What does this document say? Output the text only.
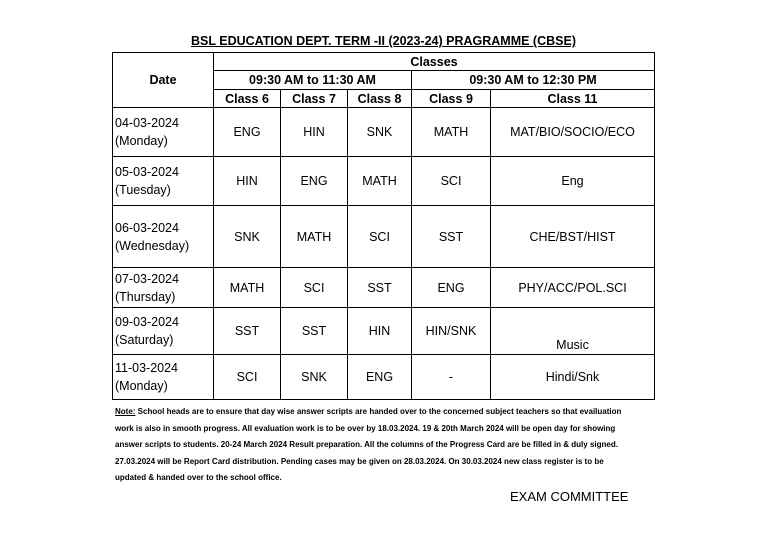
BSL EDUCATION DEPT. TERM -II (2023-24) PRAGRAMME (CBSE)
Date	Classes				
	09:30 AM to 11:30 AM			09:30 AM to 12:30 PM	
	Class 6	Class 7	Class 8	Class 9	Class 11
04-03-2024
(Monday)	ENG	HIN	SNK	MATH	MAT/BIO/SOCIO/ECO
05-03-2024
(Tuesday)	HIN	ENG	MATH	SCI	Eng
06-03-2024
(Wednesday)	SNK	MATH	SCI	SST	CHE/BST/HIST
07-03-2024
(Thursday)	MATH	SCI	SST	ENG	PHY/ACC/POL.SCI
09-03-2024
(Saturday)	SST	SST	HIN	HIN/SNK	Music
11-03-2024
(Monday)	SCI	SNK	ENG	-	Hindi/Snk
Note: School heads are to ensure that day wise answer scripts are handed over to the concerned subject teachers so that evailuation work is also in smooth progress. All evaluation work is to be over by 18.03.2024. 19 & 20th March 2024 will be open day for showing answer scripts to students. 20-24 March 2024 Result preparation. All the columns of the Progress Card are be filled in & duly signed. 27.03.2024 will be Report Card distribution. Pending cases may be given on 28.03.2024. On 30.03.2024 new class register is to be updated & handed over to the school office.
EXAM COMMITTEE
